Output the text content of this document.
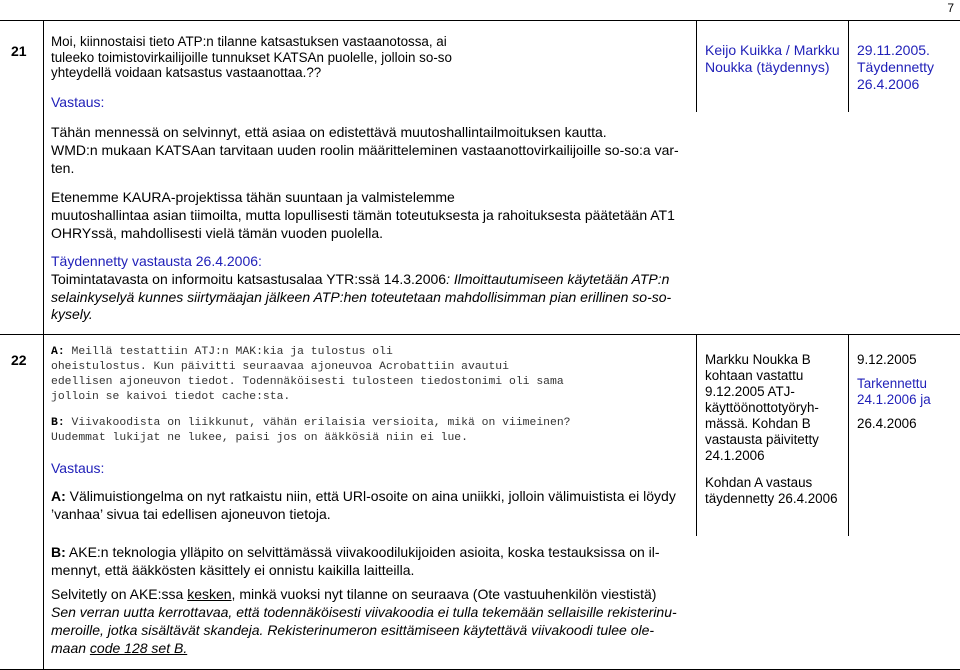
7
21
Moi, kiinnostaisi tieto ATP:n tilanne katsastuksen vastaanotossa, ai
tuleeko toimistovirkailijoille tunnukset KATSAn puolelle, jolloin so-so
yhteydellä voidaan katsastus vastaanottaa.??
Vastaus:
Keijo Kuikka / Markku
Noukka (täydennys)
29.11.2005.
Täydennetty
26.4.2006
Tähän mennessä on selvinnyt, että asiaa on edistettävä muutoshallintailmoituksen kautta.
WMD:n mukaan KATSAan tarvitaan uuden roolin määritteleminen vastaanottovirkailijoille so-so:a var-
ten.
Etenemme KAURA-projektissa tähän suuntaan ja valmistelemme
muutoshallintaa asian tiimoilta, mutta lopullisesti tämän toteutuksesta ja rahoituksesta päätetään AT1
OHRYssä, mahdollisesti vielä tämän vuoden puolella.
Täydennetty vastausta 26.4.2006:
Toimintatavasta on informoitu katsastusalaa YTR:ssä 14.3.2006: Ilmoittautumiseen käytetään ATP:n
selainkyselyä kunnes siirtymäajan jälkeen ATP:hen toteutetaan mahdollisimman pian erillinen so-so-
kysely.
22 A: Meillä testattiin ATJ:n MAK:kia ja tulostus oli
oheistulostus. Kun päivitti seuraavaa ajoneuvoa Acrobattiin avautui
edellisen ajoneuvon tiedot. Todennäköisesti tulosteen tiedostonimi oli sama
jolloin se kaivoi tiedot cache:sta.
B: Viivakoodista on liikkunut, vähän erilaisia versioita, mikä on viimeinen?
Uudemmat lukijat ne lukee, paisi jos on ääkkösiä niin ei lue.
Vastaus:
A: Välimuistiongelma on nyt ratkaistu niin, että URl-osoite on aina uniikki, jolloin välimuistista ei löydy
’vanhaa’ sivua tai edellisen ajoneuvon tietoja.
Markku Noukka B
kohtaan vastattu
9.12.2005 ATJ-
käyttöönottotyöryh-
mässä. Kohdan B
vastausta päivitetty
24.1.2006
Kohdan A vastaus
täydennetty 26.4.2006
9.12.2005
Tarkennettu
24.1.2006 ja
26.4.2006
B: AKE:n teknologia ylläpito on selvittämässä viivakoodilukijoiden asioita, koska testauksissa on il-
mennyt, että ääkkösten käsittely ei onnistu kaikilla laitteilla.
Selvitetly on AKE:ssa kesken, minkä vuoksi nyt tilanne on seuraava (Ote vastuuhenkilön viestistä)
Sen verran uutta kerrottavaa, että todennäköisesti viivakoodia ei tulla tekemään sellaisille rekisterinu-
meroille, jotka sisältävät skandeja. Rekisterinumeron esittämiseen käytettävä viivakoodi tulee ole-
maan code 128 set B.
